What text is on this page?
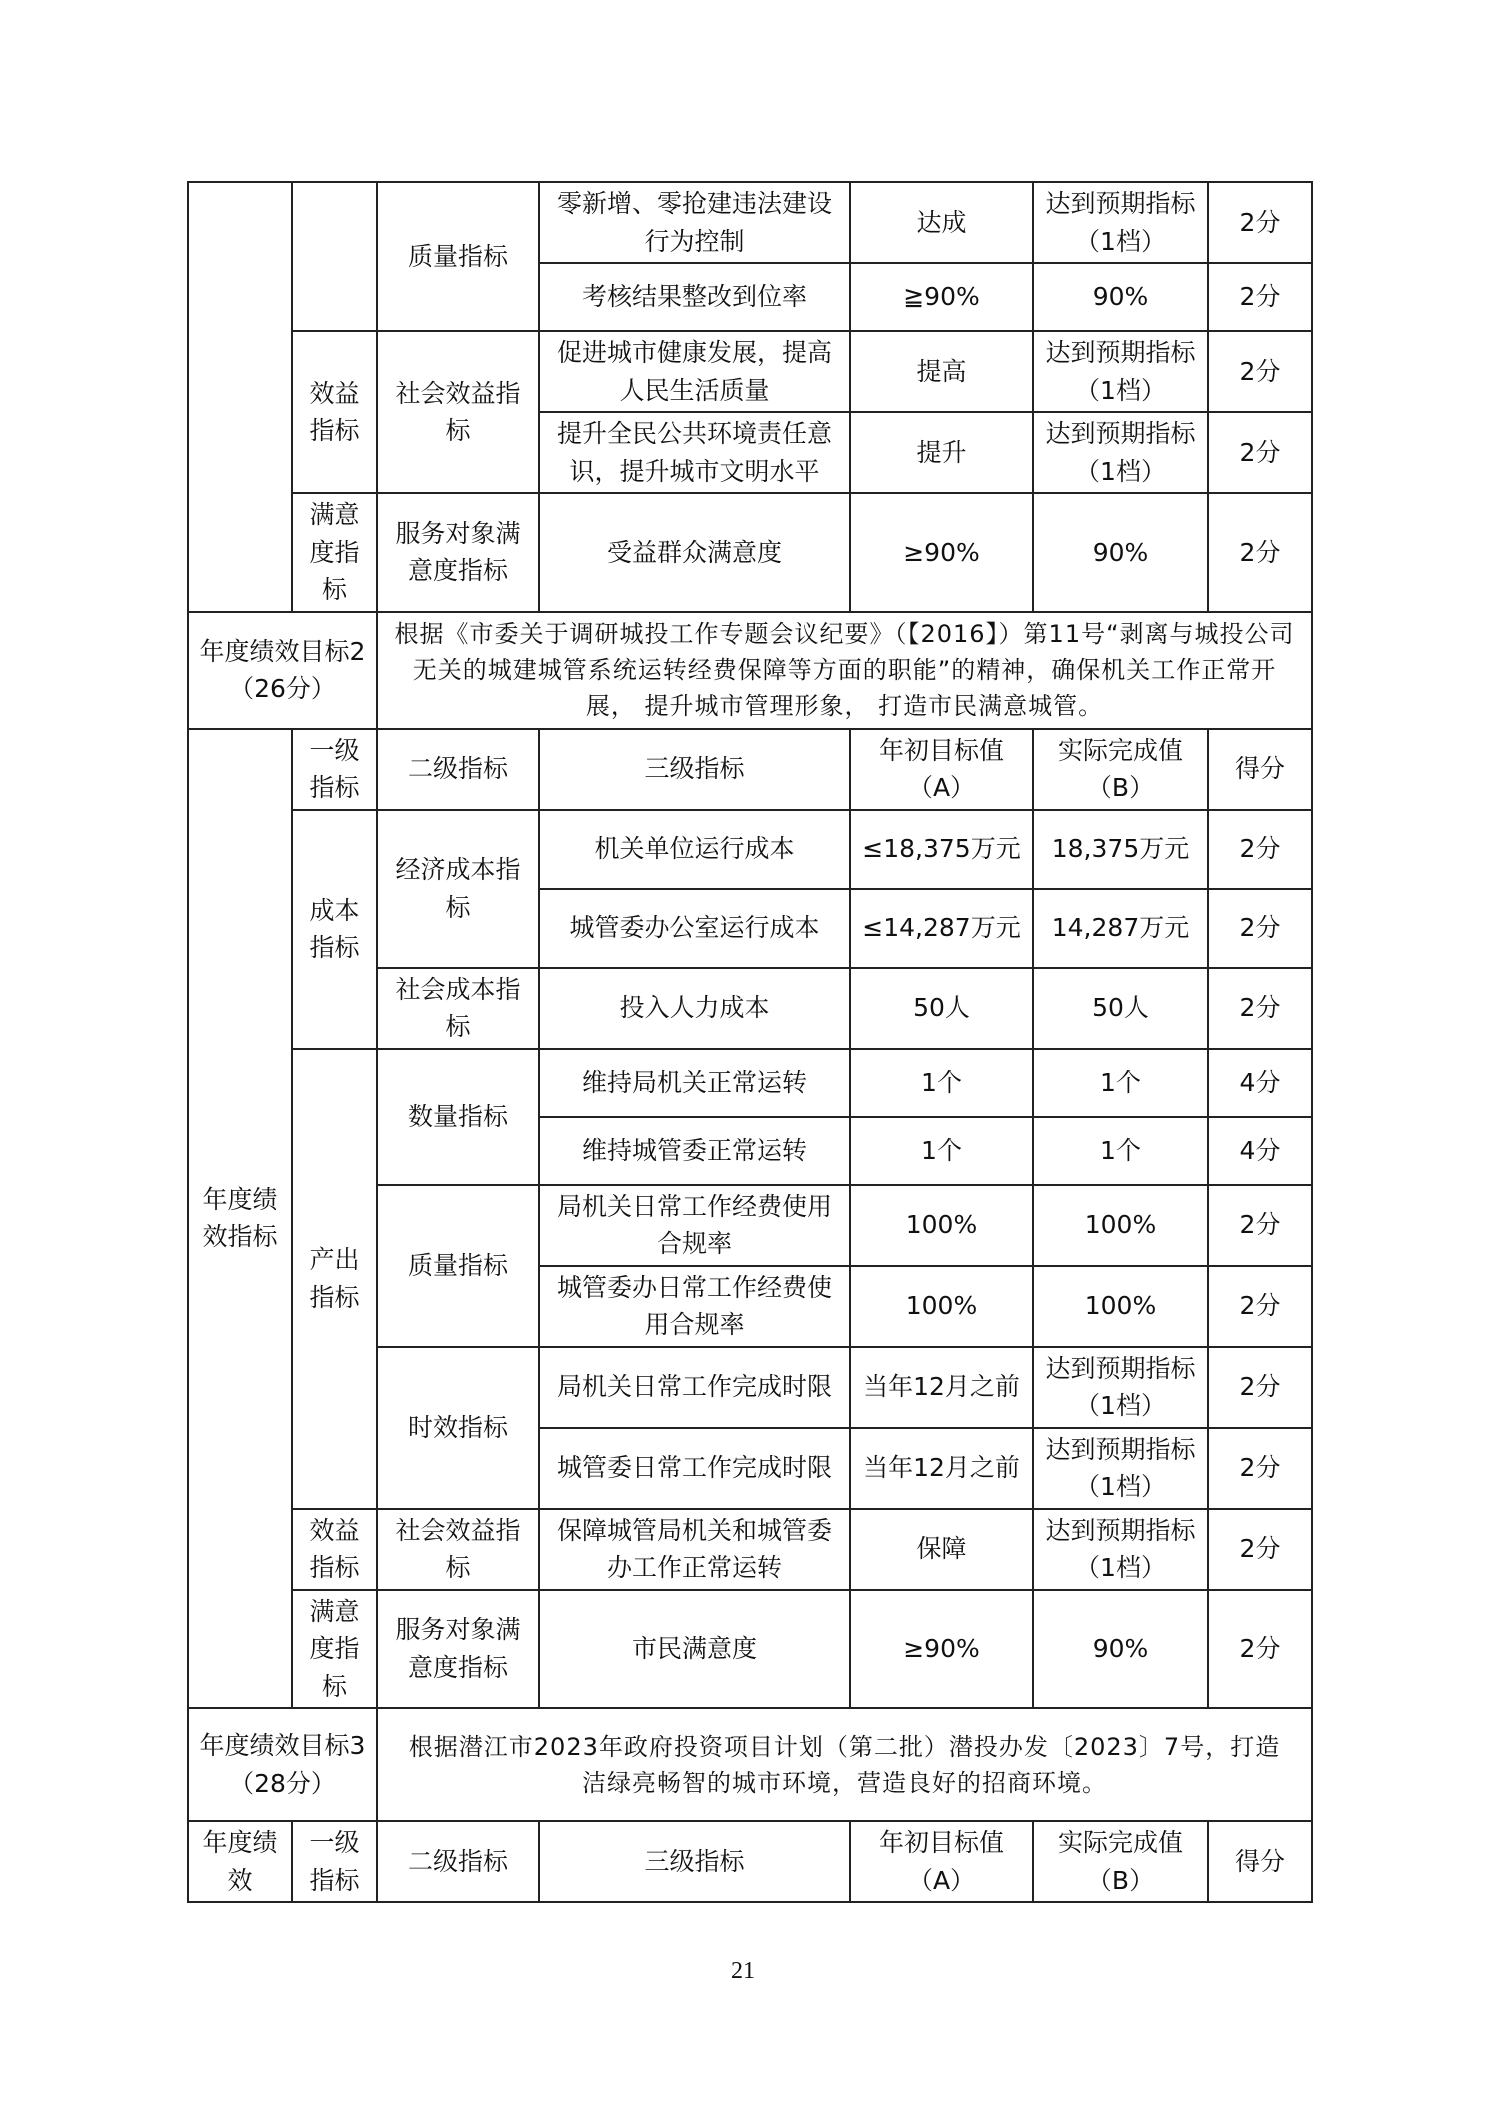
		质量指标	零新增、零抢建违法建设行为控制	达成	达到预期指标（1档）	2分
			考核结果整改到位率	≧90%	90%	2分
	效益指标	社会效益指标	促进城市健康发展，提高人民生活质量	提高	达到预期指标（1档）	2分
			提升全民公共环境责任意识，提升城市文明水平	提升	达到预期指标（1档）	2分
	满意度指标	服务对象满意度指标	受益群众满意度	≥90%	90%	2分

年度绩效目标2（26分）		根据《市委关于调研城投工作专题会议纪要》（【2016】）第11号“剥离与城投公司无关的城建城管系统运转经费保障等方面的职能”的精神，确保机关工作正常开展， 提升城市管理形象， 打造市民满意城管。				
年度绩效指标	一级指标	二级指标	三级指标	年初目标值（A）	实际完成值（B）	得分
	成本指标	经济成本指标	机关单位运行成本	≤18,375万元	18,375万元	2分
			城管委办公室运行成本	≤14,287万元	14,287万元	2分
		社会成本指标	投入人力成本	50人	50人	2分
	产出指标	数量指标	维持局机关正常运转	1个	1个	4分
			维持城管委正常运转	1个	1个	4分
		质量指标	局机关日常工作经费使用合规率	100%	100%	2分
			城管委办日常工作经费使用合规率	100%	100%	2分
		时效指标	局机关日常工作完成时限	当年12月之前	达到预期指标（1档）	2分
			城管委日常工作完成时限	当年12月之前	达到预期指标（1档）	2分
	效益指标	社会效益指标	保障城管局机关和城管委办工作正常运转	保障	达到预期指标（1档）	2分
	满意度指标	服务对象满意度指标	市民满意度	≥90%	90%	2分

年度绩效目标3（28分）		根据潜江市2023年政府投资项目计划（第二批）潜投办发〔2023〕7号，打造
洁绿亮畅智的城市环境，营造良好的招商环境。				

年度绩效	一级指标	二级指标	三级指标	年初目标值（A）	实际完成值（B）	得分
21
